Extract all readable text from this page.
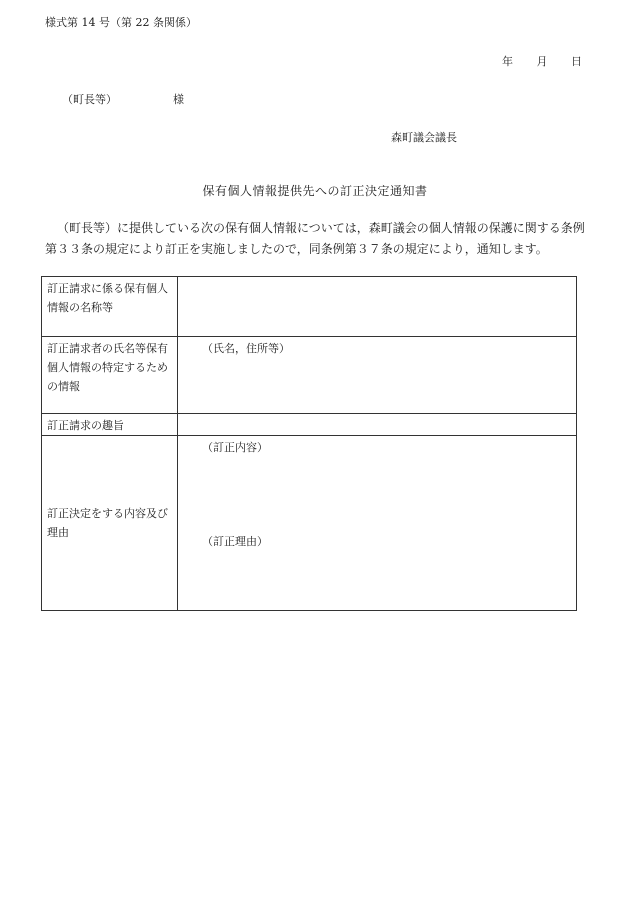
様式第 14 号（第 22 条関係）
年 月 日
（町長等）	様
森町議会議長
保有個人情報提供先への訂正決定通知書
（町長等）に提供している次の保有個人情報については，森町議会の個人情報の保護に関する条例第３３条の規定により訂正を実施しましたので，同条例第３７条の規定により，通知します。
訂正請求に係る保有個人情報の名称等	
訂正請求者の氏名等保有個人情報の特定するための情報	（氏名，住所等）
訂正請求の趣旨	
訂正決定をする内容及び理由	（訂正内容）
（訂正理由）
